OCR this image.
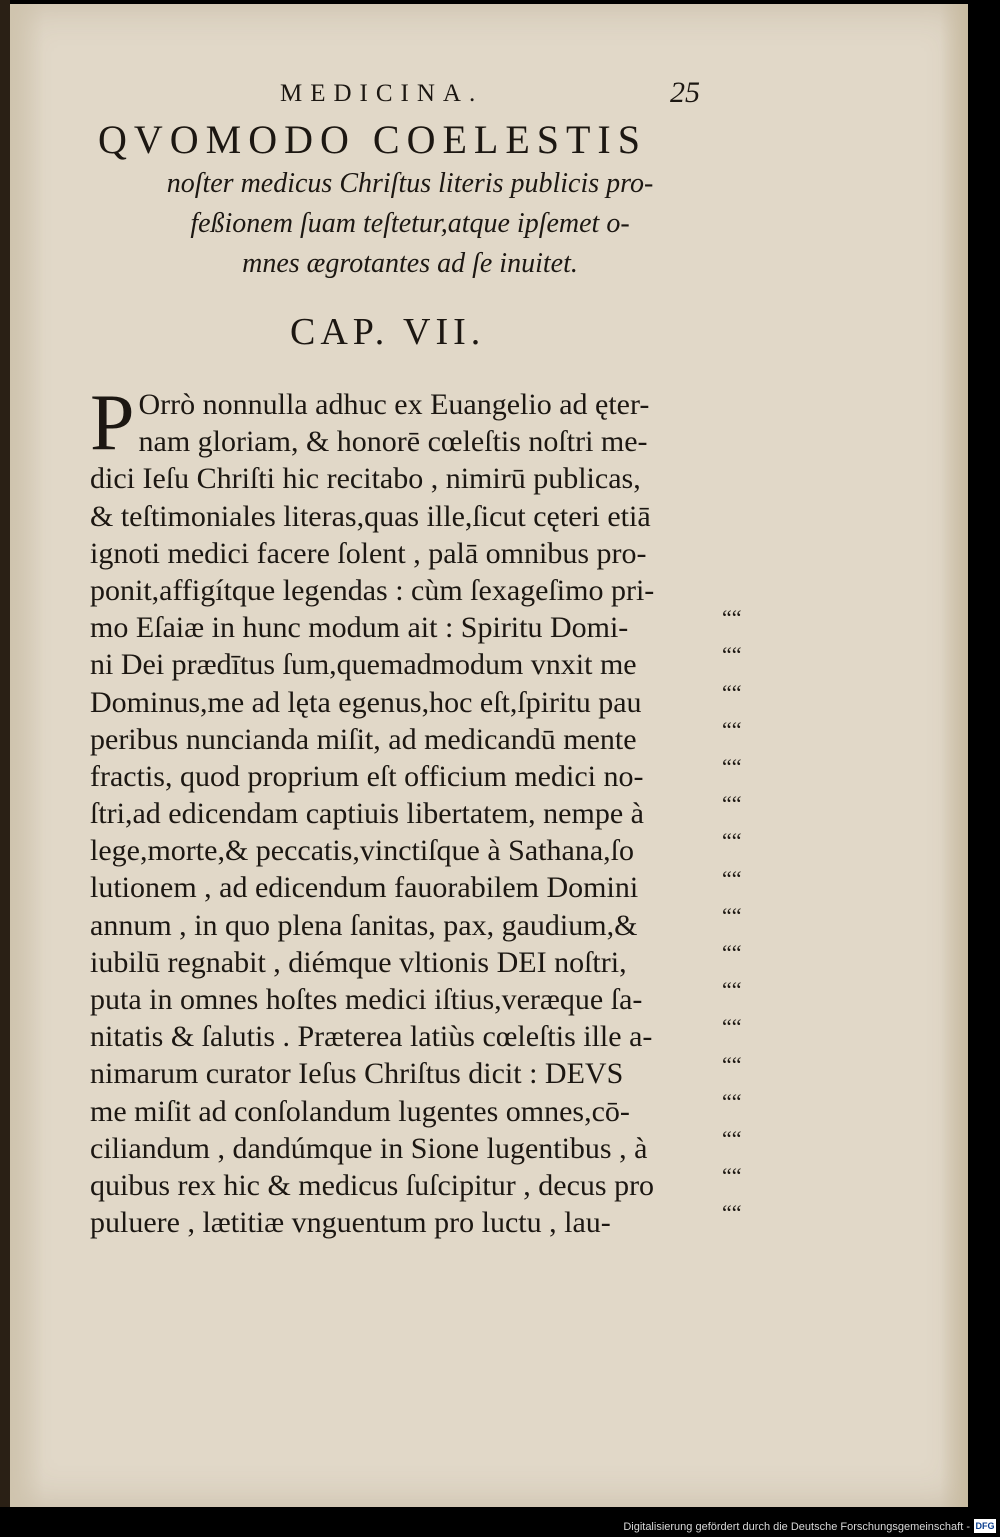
MEDICINA.	25
QVOMODO COELESTIS
noſter medicus Chriſtus literis publicis pro-
feßionem ſuam teſtetur,atque ipſemet o-
mnes ægrotantes ad ſe inuitet.
CAP. VII.
P Orrò nonnulla adhuc ex Euangelio ad ęter-
nam gloriam, & honorē cœleſtis noſtri me-
dici Ieſu Chriſti hic recitabo , nimirū publicas,
& teſtimoniales literas,quas ille,ſicut cęteri etiā
ignoti medici facere ſolent , palā omnibus pro-
ponit,affigítque legendas : cùm ſexageſimo pri-
mo Eſaiæ in hunc modum ait : Spiritu Domi-
ni Dei prædītus ſum,quemadmodum vnxit me
Dominus,me ad lęta egenus,hoc eſt,ſpiritu pau
peribus nuncianda miſit, ad medicandū mente
fractis, quod proprium eſt officium medici no-
ſtri,ad edicendam captiuis libertatem, nempe à
lege,morte,& peccatis,vinctiſque à Sathana,ſo
lutionem , ad edicendum fauorabilem Domini
annum , in quo plena ſanitas, pax, gaudium,&
iubilū regnabit , diémque vltionis DEI noſtri,
puta in omnes hoſtes medici iſtius,veræque ſa-
nitatis & ſalutis . Præterea latiùs cœleſtis ille a-
nimarum curator Ieſus Chriſtus dicit : DEVS
me miſit ad conſolandum lugentes omnes,cō-
ciliandum , dandúmque in Sione lugentibus , à
quibus rex hic & medicus ſuſcipitur , decus pro
puluere , lætitiæ vnguentum pro luctu , lau-
““
““
““
““
““
““
““
““
““
““
““
““
““
““
““
““
““
Digitalisierung gefördert durch die Deutsche Forschungsgemeinschaft - DFG
